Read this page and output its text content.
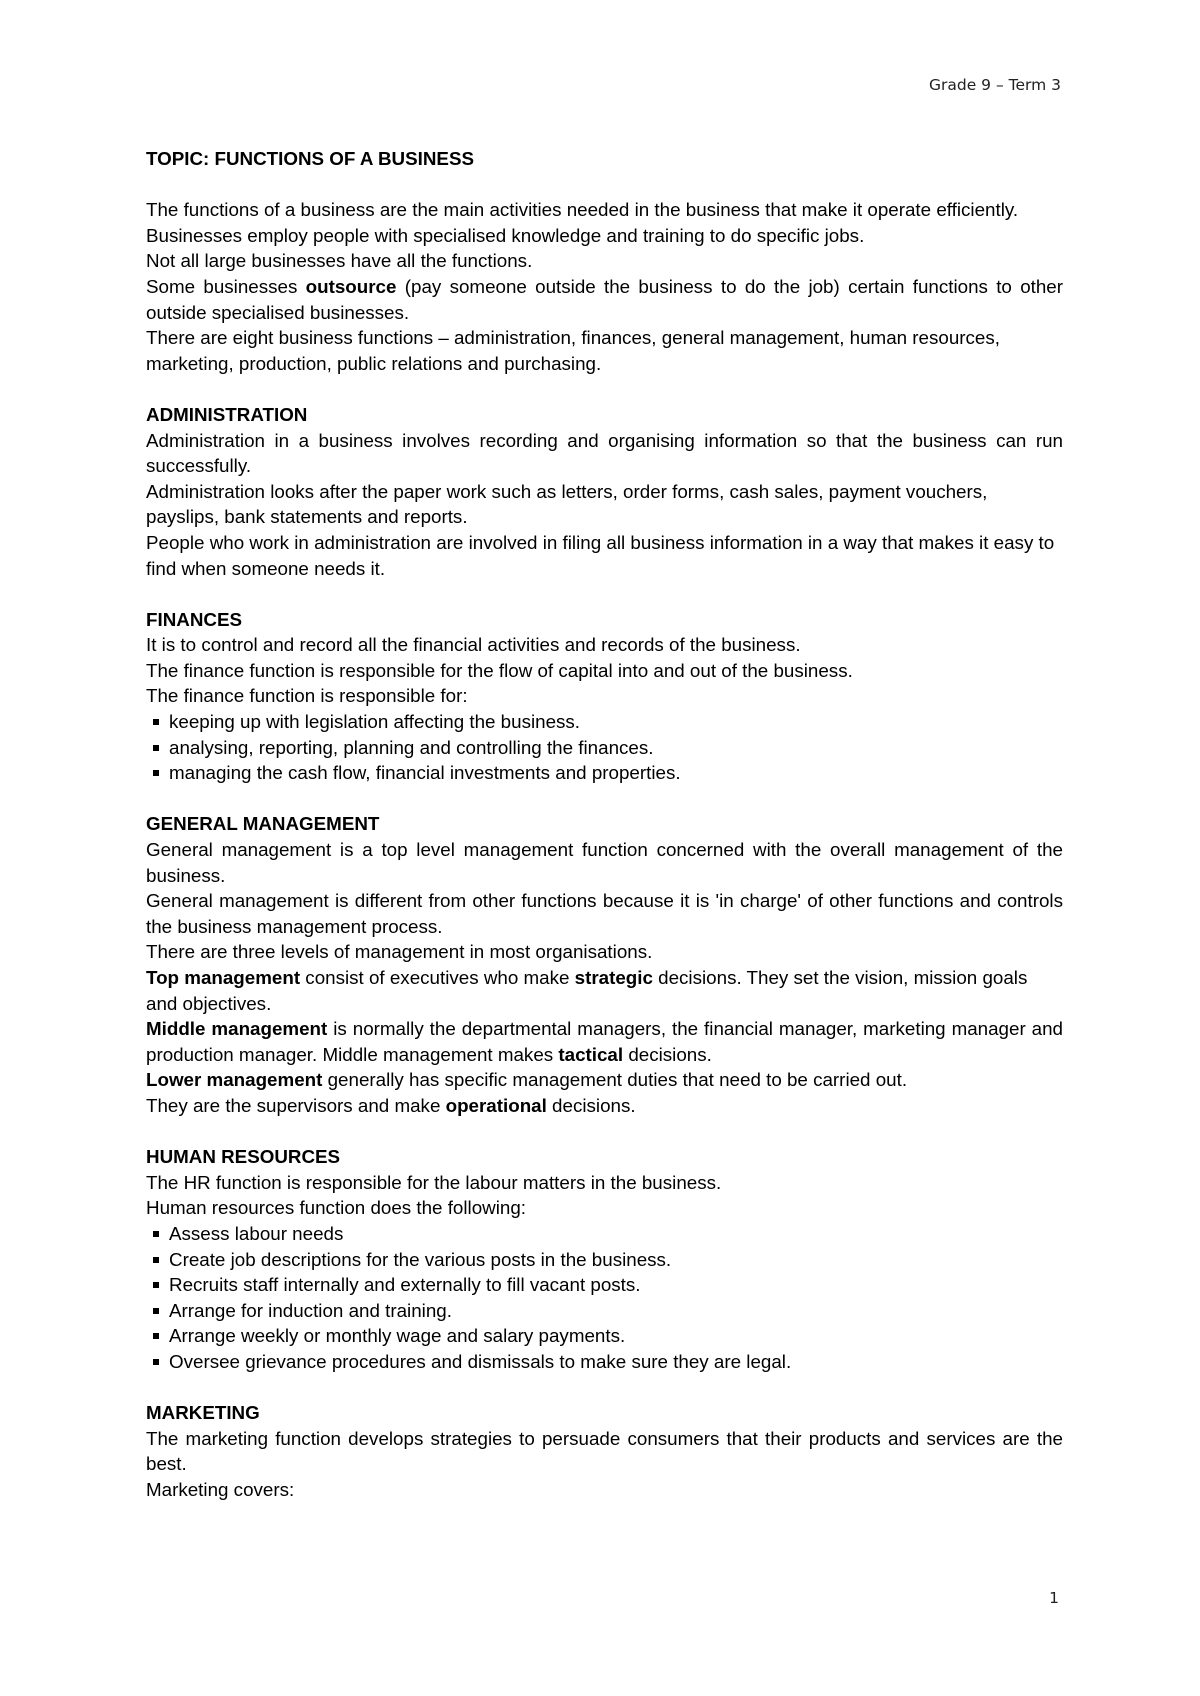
Grade 9 – Term 3
TOPIC: FUNCTIONS OF A BUSINESS

The functions of a business are the main activities needed in the business that make it operate efficiently.

Businesses employ people with specialised knowledge and training to do specific jobs.

Not all large businesses have all the functions.

Some businesses outsource (pay someone outside the business to do the job) certain functions to other outside specialised businesses.

There are eight business functions – administration, finances, general management, human resources, marketing, production, public relations and purchasing.

ADMINISTRATION

Administration in a business involves recording and organising information so that the business can run successfully.

Administration looks after the paper work such as letters, order forms, cash sales, payment vouchers, payslips, bank statements and reports.

People who work in administration are involved in filing all business information in a way that makes it easy to find when someone needs it.

FINANCES

It is to control and record all the financial activities and records of the business.

The finance function is responsible for the flow of capital into and out of the business.

The finance function is responsible for:

keeping up with legislation affecting the business.
analysing, reporting, planning and controlling the finances.
managing the cash flow, financial investments and properties.
GENERAL MANAGEMENT

General management is a top level management function concerned with the overall management of the business.

General management is different from other functions because it is 'in charge' of other functions and controls the business management process.

There are three levels of management in most organisations.

Top management consist of executives who make strategic decisions. They set the vision, mission goals and objectives.

Middle management is normally the departmental managers, the financial manager, marketing manager and production manager. Middle management makes tactical decisions.

Lower management generally has specific management duties that need to be carried out.

They are the supervisors and make operational decisions.

HUMAN RESOURCES

The HR function is responsible for the labour matters in the business.

Human resources function does the following:

Assess labour needs
Create job descriptions for the various posts in the business.
Recruits staff internally and externally to fill vacant posts.
Arrange for induction and training.
Arrange weekly or monthly wage and salary payments.
Oversee grievance procedures and dismissals to make sure they are legal.
MARKETING

The marketing function develops strategies to persuade consumers that their products and services are the best.

Marketing covers:

1
